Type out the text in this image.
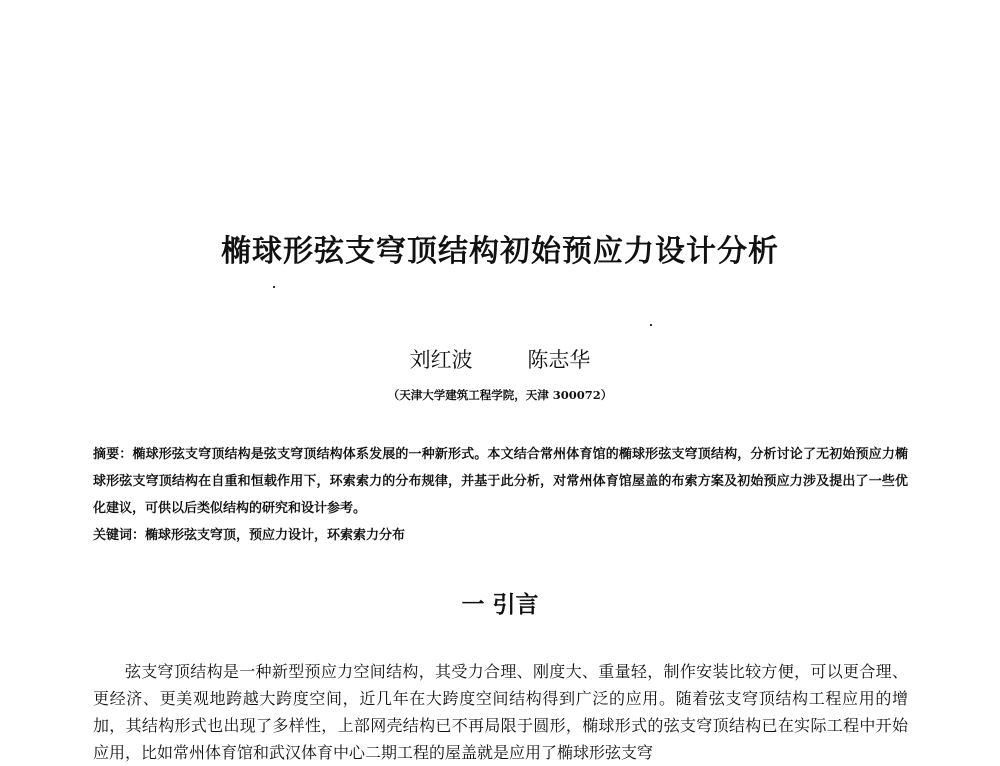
椭球形弦支穹顶结构初始预应力设计分析
刘红波	陈志华
（天津大学建筑工程学院，天津 300072）

摘要：椭球形弦支穹顶结构是弦支穹顶结构体系发展的一种新形式。本文结合常州体育馆的椭球形弦支穹顶结构，分析讨论了无初始预应力椭球形弦支穹顶结构在自重和恒载作用下，环索索力的分布规律，并基于此分析，对常州体育馆屋盖的布索方案及初始预应力涉及提出了一些优化建议，可供以后类似结构的研究和设计参考。

关键词：椭球形弦支穹顶，预应力设计，环索索力分布

一 引言

弦支穹顶结构是一种新型预应力空间结构，其受力合理、刚度大、重量轻，制作安装比较方便，可以更合理、更经济、更美观地跨越大跨度空间，近几年在大跨度空间结构得到广泛的应用。随着弦支穹顶结构工程应用的增加，其结构形式也出现了多样性，上部网壳结构已不再局限于圆形，椭球形式的弦支穹顶结构已在实际工程中开始应用，比如常州体育馆和武汉体育中心二期工程的屋盖就是应用了椭球形弦支穹
